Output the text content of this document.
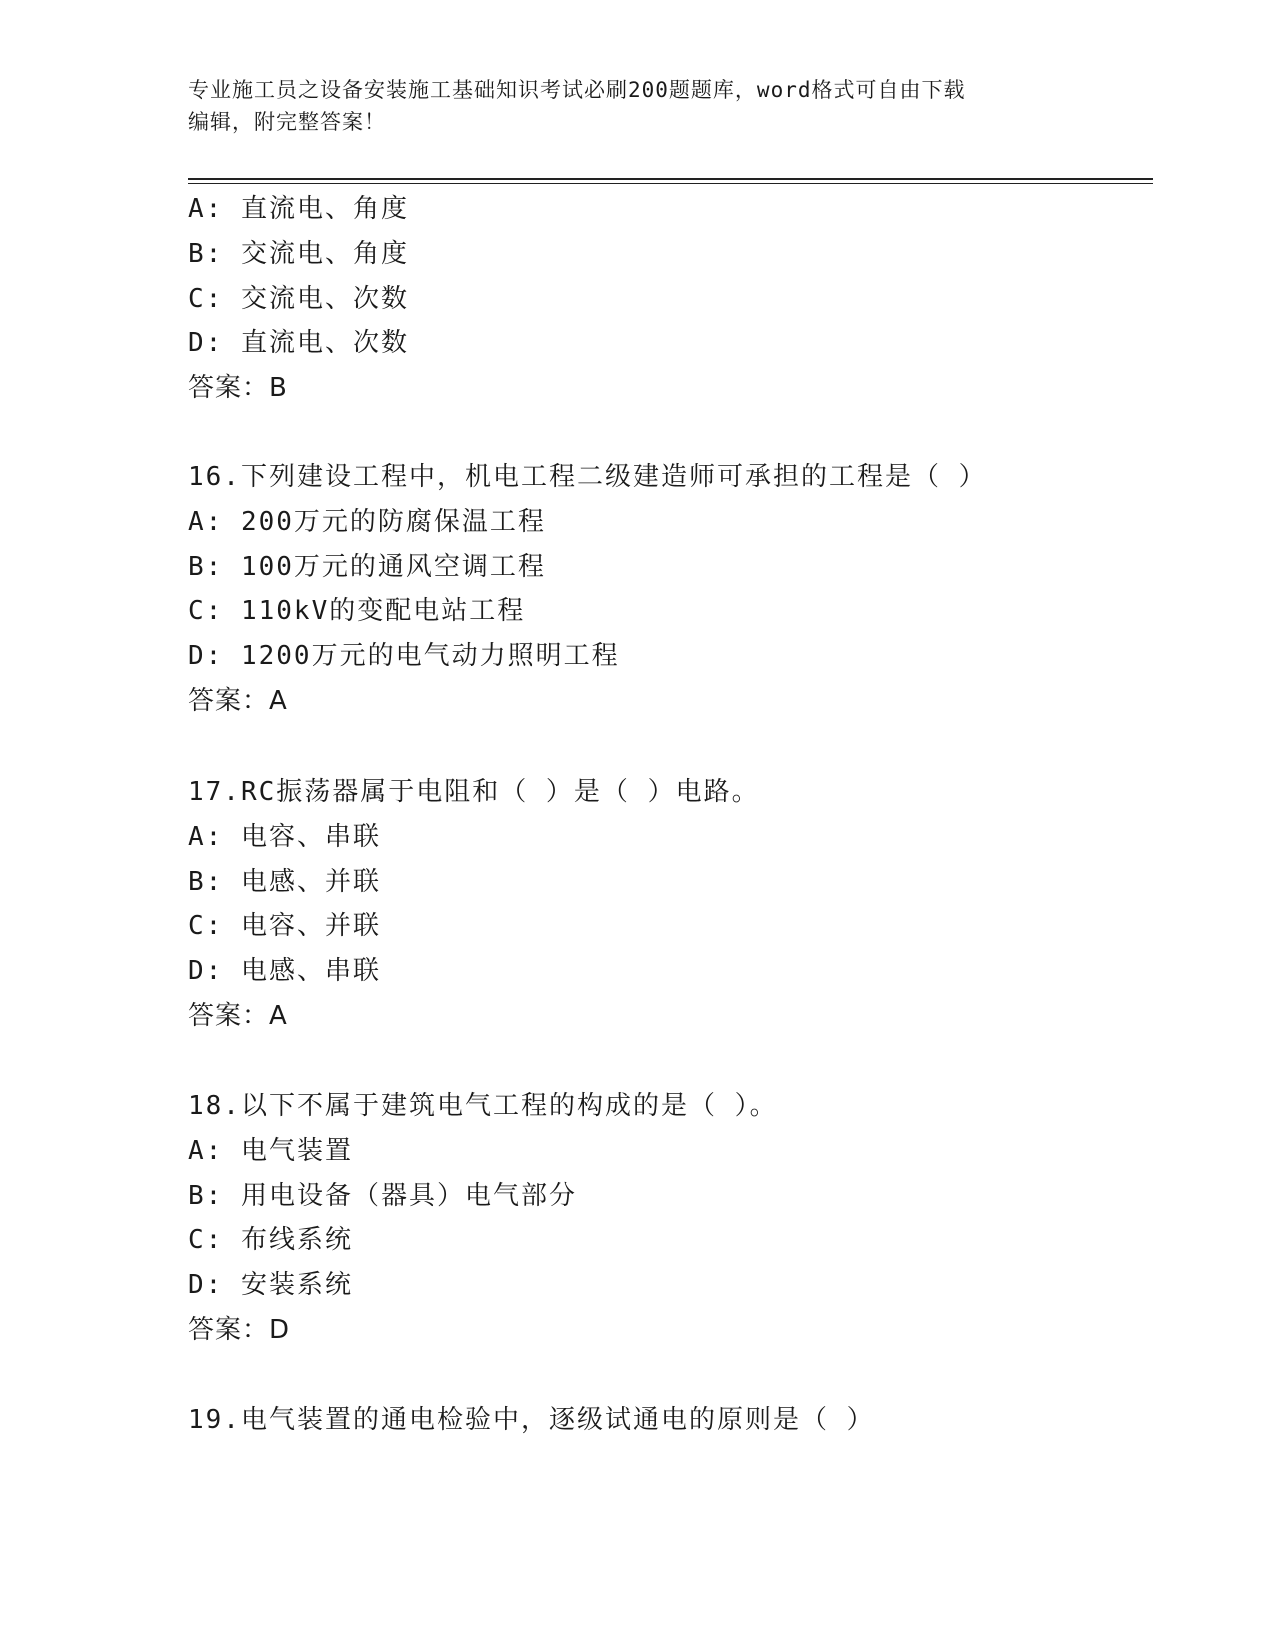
专业施工员之设备安装施工基础知识考试必刷200题题库，word格式可自由下载
编辑，附完整答案！
A: 直流电、角度
B: 交流电、角度
C: 交流电、次数
D: 直流电、次数
答案：B
16.下列建设工程中，机电工程二级建造师可承担的工程是（ ）
A: 200万元的防腐保温工程
B: 100万元的通风空调工程
C: 110kV的变配电站工程
D: 1200万元的电气动力照明工程
答案：A
17.RC振荡器属于电阻和（ ）是（ ）电路。
A: 电容、串联
B: 电感、并联
C: 电容、并联
D: 电感、串联
答案：A
18.以下不属于建筑电气工程的构成的是（ ）。
A: 电气装置
B: 用电设备（器具）电气部分
C: 布线系统
D: 安装系统
答案：D
19.电气装置的通电检验中，逐级试通电的原则是（ ）
